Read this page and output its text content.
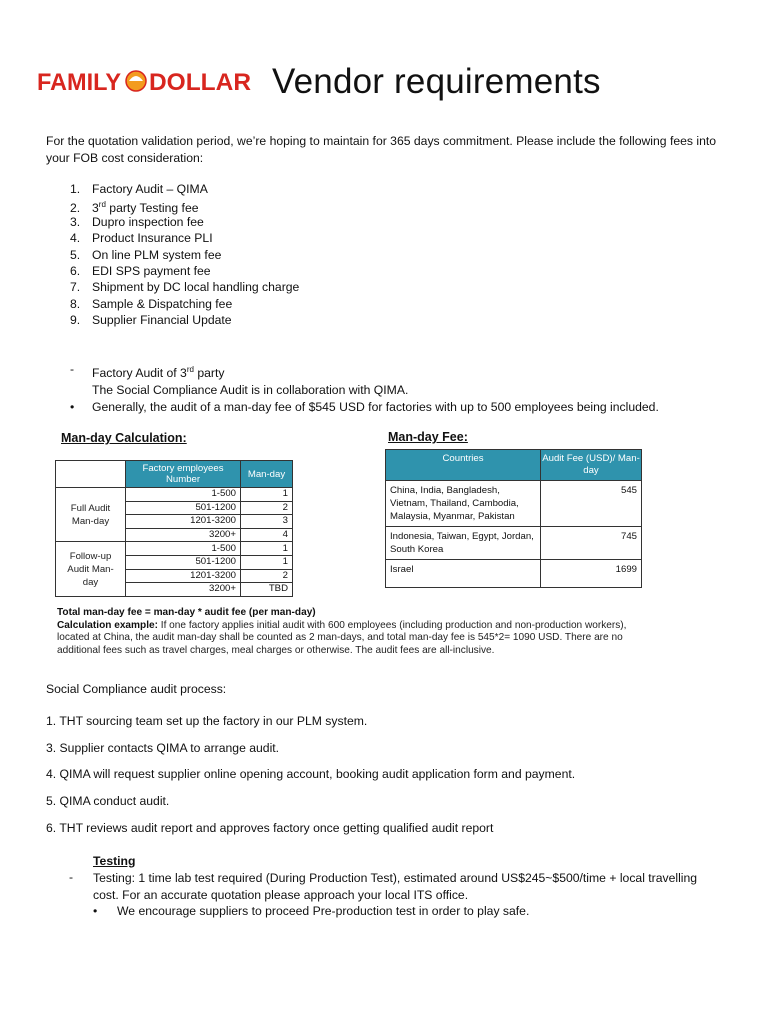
FAMILY DOLLAR Vendor requirements
For the quotation validation period, we’re hoping to maintain for 365 days commitment. Please include the following fees into your FOB cost consideration:
1. Factory Audit – QIMA
2. 3rd party Testing fee
3. Dupro inspection fee
4. Product Insurance PLI
5. On line PLM system fee
6. EDI SPS payment fee
7. Shipment by DC local handling charge
8. Sample & Dispatching fee
9. Supplier Financial Update
- Factory Audit of 3rd party
The Social Compliance Audit is in collaboration with QIMA.
• Generally, the audit of a man-day fee of $545 USD for factories with up to 500 employees being included.
Man-day Calculation:
	Factory employees Number	Man-day
Full Audit Man-day	1-500	1
	501-1200	2
	1201-3200	3
	3200+	4
Follow-up Audit Man-day	1-500	1
	501-1200	1
	1201-3200	2
	3200+	TBD
Man-day Fee:
Countries	Audit Fee (USD)/ Man-day
China, India, Bangladesh, Vietnam, Thailand, Cambodia, Malaysia, Myanmar, Pakistan	545
Indonesia, Taiwan, Egypt, Jordan, South Korea	745
Israel	1699
Total man-day fee = man-day * audit fee (per man-day)
Calculation example: If one factory applies initial audit with 600 employees (including production and non-production workers), located at China, the audit man-day shall be counted as 2 man-days, and total man-day fee is 545*2= 1090 USD. There are no additional fees such as travel charges, meal charges or otherwise. The audit fees are all-inclusive.
Social Compliance audit process:
1. THT sourcing team set up the factory in our PLM system.
3. Supplier contacts QIMA to arrange audit.
4. QIMA will request supplier online opening account, booking audit application form and payment.
5. QIMA conduct audit.
6. THT reviews audit report and approves factory once getting qualified audit report
Testing
- Testing: 1 time lab test required (During Production Test), estimated around US$245~$500/time + local travelling cost. For an accurate quotation please approach your local ITS office.
• We encourage suppliers to proceed Pre-production test in order to play safe.
